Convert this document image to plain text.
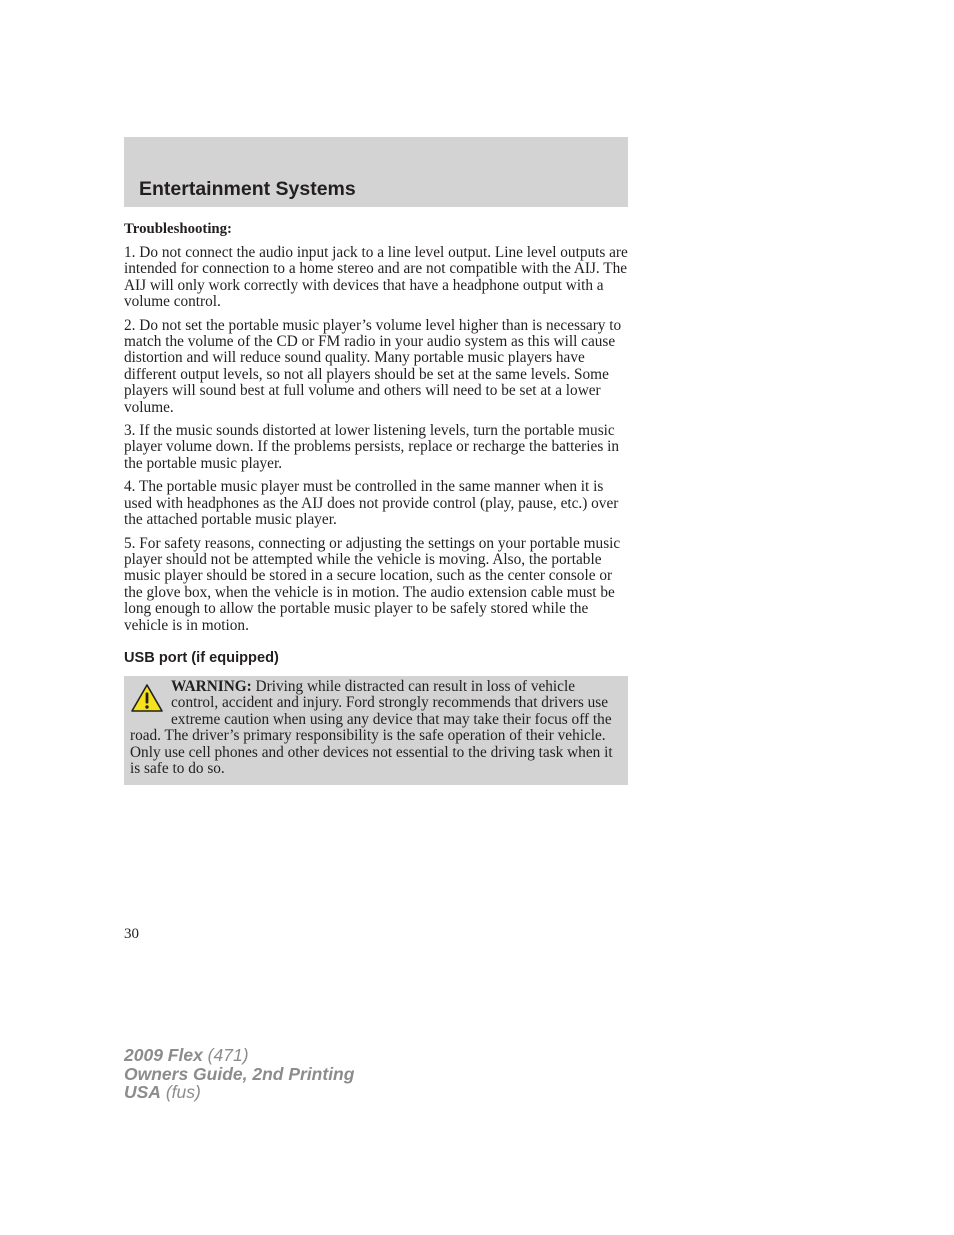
Entertainment Systems
Troubleshooting:

1. Do not connect the audio input jack to a line level output. Line level outputs are intended for connection to a home stereo and are not compatible with the AIJ. The AIJ will only work correctly with devices that have a headphone output with a volume control.

2. Do not set the portable music player’s volume level higher than is necessary to match the volume of the CD or FM radio in your audio system as this will cause distortion and will reduce sound quality. Many portable music players have different output levels, so not all players should be set at the same levels. Some players will sound best at full volume and others will need to be set at a lower volume.

3. If the music sounds distorted at lower listening levels, turn the portable music player volume down. If the problems persists, replace or recharge the batteries in the portable music player.

4. The portable music player must be controlled in the same manner when it is used with headphones as the AIJ does not provide control (play, pause, etc.) over the attached portable music player.

5. For safety reasons, connecting or adjusting the settings on your portable music player should not be attempted while the vehicle is moving. Also, the portable music player should be stored in a secure location, such as the center console or the glove box, when the vehicle is in motion. The audio extension cable must be long enough to allow the portable music player to be safely stored while the vehicle is in motion.

USB port (if equipped)
WARNING: Driving while distracted can result in loss of vehicle control, accident and injury. Ford strongly recommends that drivers use extreme caution when using any device that may take their focus off the road. The driver’s primary responsibility is the safe operation of their vehicle. Only use cell phones and other devices not essential to the driving task when it is safe to do so.
30
2009 Flex (471)
Owners Guide, 2nd Printing
USA (fus)
